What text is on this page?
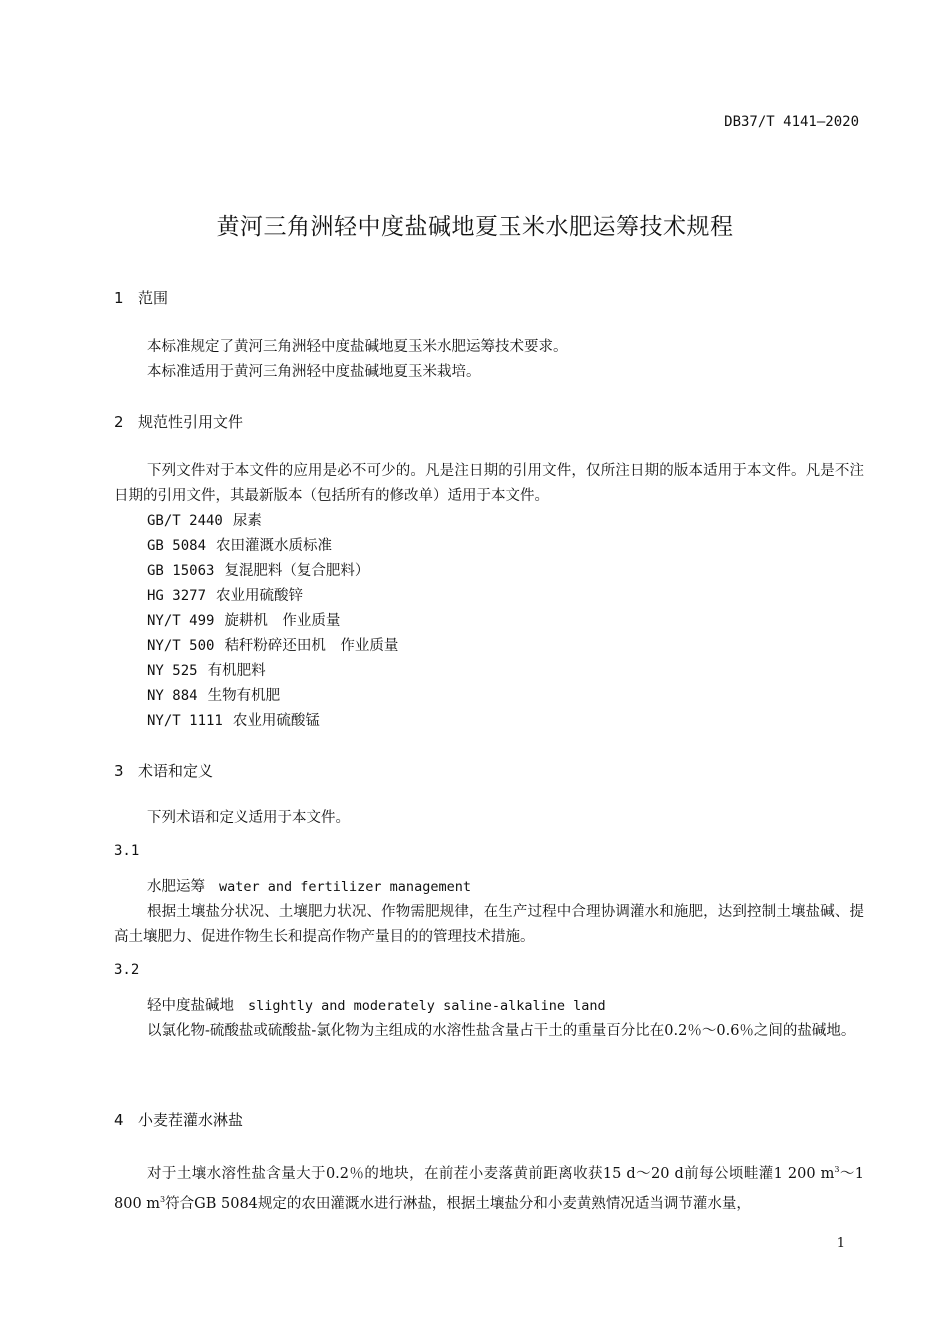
DB37/T 4141—2020
黄河三角洲轻中度盐碱地夏玉米水肥运筹技术规程
1 范围

本标准规定了黄河三角洲轻中度盐碱地夏玉米水肥运筹技术要求。

本标准适用于黄河三角洲轻中度盐碱地夏玉米栽培。

2 规范性引用文件

下列文件对于本文件的应用是必不可少的。凡是注日期的引用文件，仅所注日期的版本适用于本文件。凡是不注日期的引用文件，其最新版本（包括所有的修改单）适用于本文件。

GB/T 2440 尿素
GB 5084 农田灌溉水质标准
GB 15063 复混肥料（复合肥料）
HG 3277 农业用硫酸锌
NY/T 499 旋耕机　作业质量
NY/T 500 秸秆粉碎还田机　作业质量
NY 525 有机肥料
NY 884 生物有机肥
NY/T 1111 农业用硫酸锰
3 术语和定义

下列术语和定义适用于本文件。

3.1
水肥运筹 water and fertilizer management

根据土壤盐分状况、土壤肥力状况、作物需肥规律，在生产过程中合理协调灌水和施肥，达到控制土壤盐碱、提高土壤肥力、促进作物生长和提高作物产量目的的管理技术措施。

3.2
轻中度盐碱地 slightly and moderately saline-alkaline land

以氯化物-硫酸盐或硫酸盐-氯化物为主组成的水溶性盐含量占干土的重量百分比在0.2％～0.6％之间的盐碱地。

4 小麦茬灌水淋盐

对于土壤水溶性盐含量大于0.2％的地块，在前茬小麦落黄前距离收获15 d～20 d前每公顷畦灌1 200 $m^3\sim 1$ 800 $m^3$符合GB 5084规定的农田灌溉水进行淋盐，根据土壤盐分和小麦黄熟情况适当调节灌水量，

1
